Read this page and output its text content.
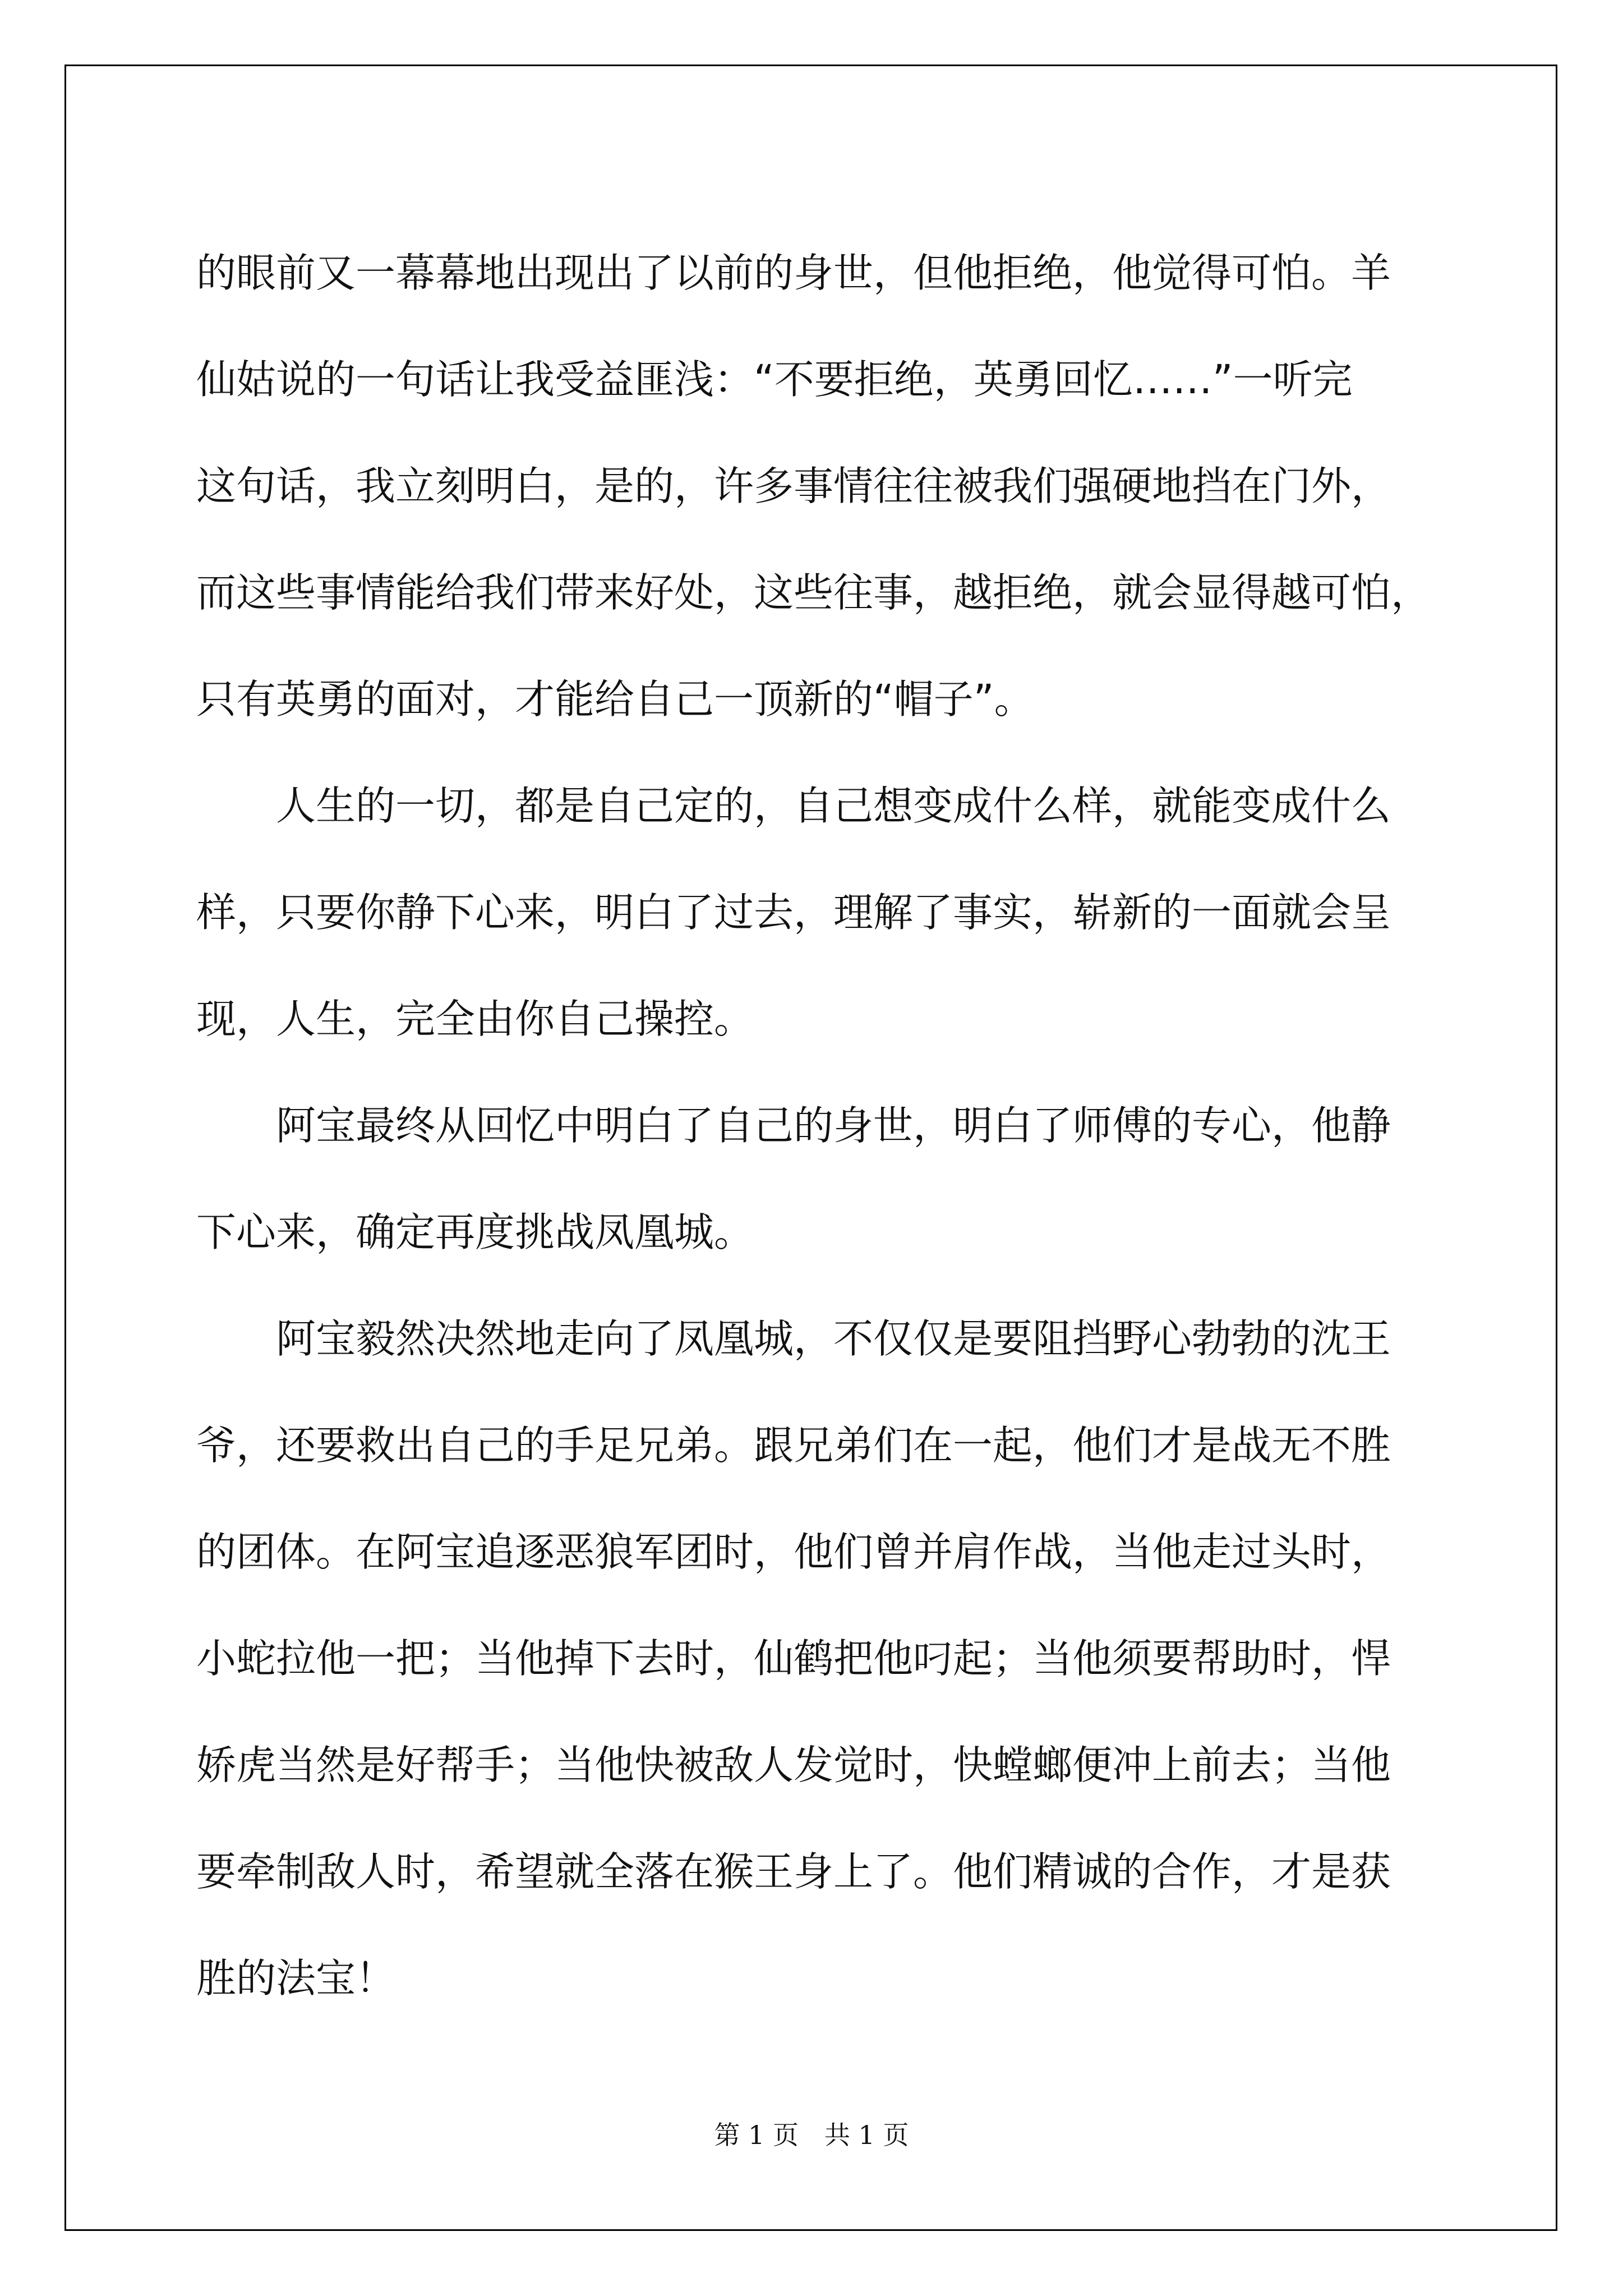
的眼前又一幕幕地出现出了以前的身世，但他拒绝，他觉得可怕。羊
仙姑说的一句话让我受益匪浅：“不要拒绝，英勇回忆……”一听完
这句话，我立刻明白，是的，许多事情往往被我们强硬地挡在门外，
而这些事情能给我们带来好处，这些往事，越拒绝，就会显得越可怕，
只有英勇的面对，才能给自己一顶新的“帽子”。
人生的一切，都是自己定的，自己想变成什么样，就能变成什么
样，只要你静下心来，明白了过去，理解了事实，崭新的一面就会呈
现，人生，完全由你自己操控。
阿宝最终从回忆中明白了自己的身世，明白了师傅的专心，他静
下心来，确定再度挑战凤凰城。
阿宝毅然决然地走向了凤凰城，不仅仅是要阻挡野心勃勃的沈王
爷，还要救出自己的手足兄弟。跟兄弟们在一起，他们才是战无不胜
的团体。在阿宝追逐恶狼军团时，他们曾并肩作战，当他走过头时，
小蛇拉他一把；当他掉下去时，仙鹤把他叼起；当他须要帮助时，悍
娇虎当然是好帮手；当他快被敌人发觉时，快螳螂便冲上前去；当他
要牵制敌人时，希望就全落在猴王身上了。他们精诚的合作，才是获
胜的法宝！
第 1 页　共 1 页
